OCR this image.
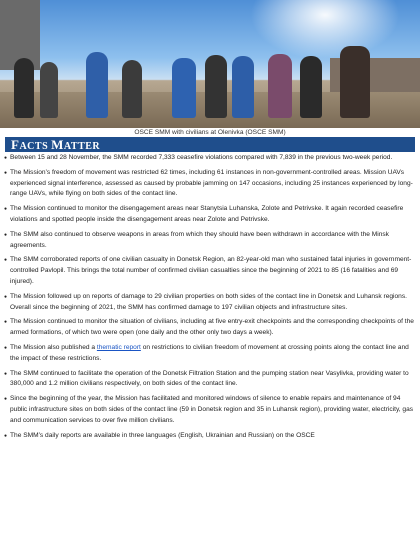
OSCE SMM with civilians at Olenivka (OSCE SMM)
FACTS MATTER
● Between 15 and 28 November, the SMM recorded 7,333 ceasefire violations compared with 7,839 in the previous two-week period.
● The Mission’s freedom of movement was restricted 62 times, including 61 instances in non-government-controlled areas. Mission UAVs experienced signal interference, assessed as caused by probable jamming on 147 occasions, including 25 instances experienced by long-range UAVs, while flying on both sides of the contact line.
● The Mission continued to monitor the disengagement areas near Stanytsia Luhanska, Zolote and Petrivske. It again recorded ceasefire violations and spotted people inside the disengagement areas near Zolote and Petrivske.
● The SMM also continued to observe weapons in areas from which they should have been withdrawn in accordance with the Minsk agreements.
● The SMM corroborated reports of one civilian casualty in Donetsk Region, an 82-year-old man who sustained fatal injuries in government-controlled Pavlopil. This brings the total number of confirmed civilian casualties since the beginning of 2021 to 85 (16 fatalities and 69 injured).
● The Mission followed up on reports of damage to 29 civilian properties on both sides of the contact line in Donetsk and Luhansk regions. Overall since the beginning of 2021, the SMM has confirmed damage to 197 civilian objects and infrastructure sites.
● The Mission continued to monitor the situation of civilians, including at five entry-exit checkpoints and the corresponding checkpoints of the armed formations, of which two were open (one daily and the other only two days a week).
● The Mission also published a thematic report on restrictions to civilian freedom of movement at crossing points along the contact line and the impact of these restrictions.
● The SMM continued to facilitate the operation of the Donetsk Filtration Station and the pumping station near Vasylivka, providing water to 380,000 and 1.2 million civilians respectively, on both sides of the contact line.
● Since the beginning of the year, the Mission has facilitated and monitored windows of silence to enable repairs and maintenance of 94 public infrastructure sites on both sides of the contact line (59 in Donetsk region and 35 in Luhansk region), providing water, electricity, gas and communication services to over five million civilians.
● The SMM’s daily reports are available in three languages (English, Ukrainian and Russian) on the OSCE
